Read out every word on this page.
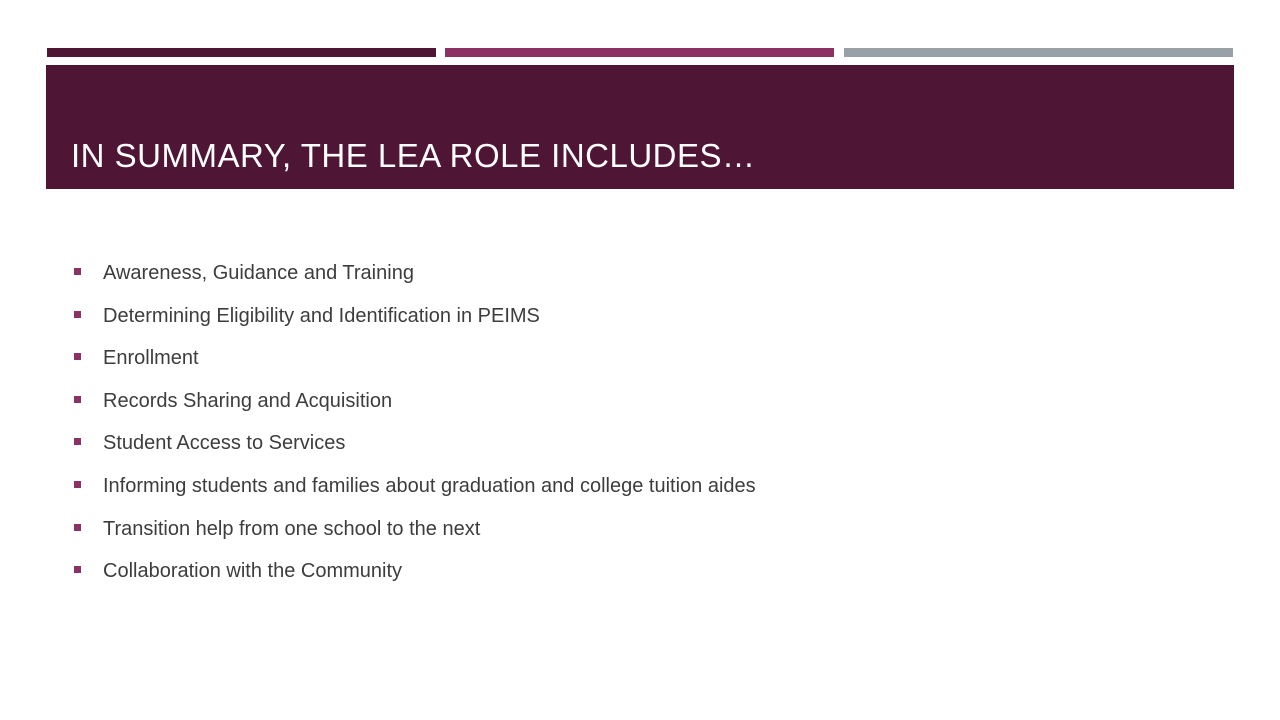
IN SUMMARY, THE LEA ROLE INCLUDES…
Awareness, Guidance and Training
Determining Eligibility and Identification in PEIMS
Enrollment
Records Sharing and Acquisition
Student Access to Services
Informing students and families about graduation and college tuition aides
Transition help from one school to the next
Collaboration with the Community
